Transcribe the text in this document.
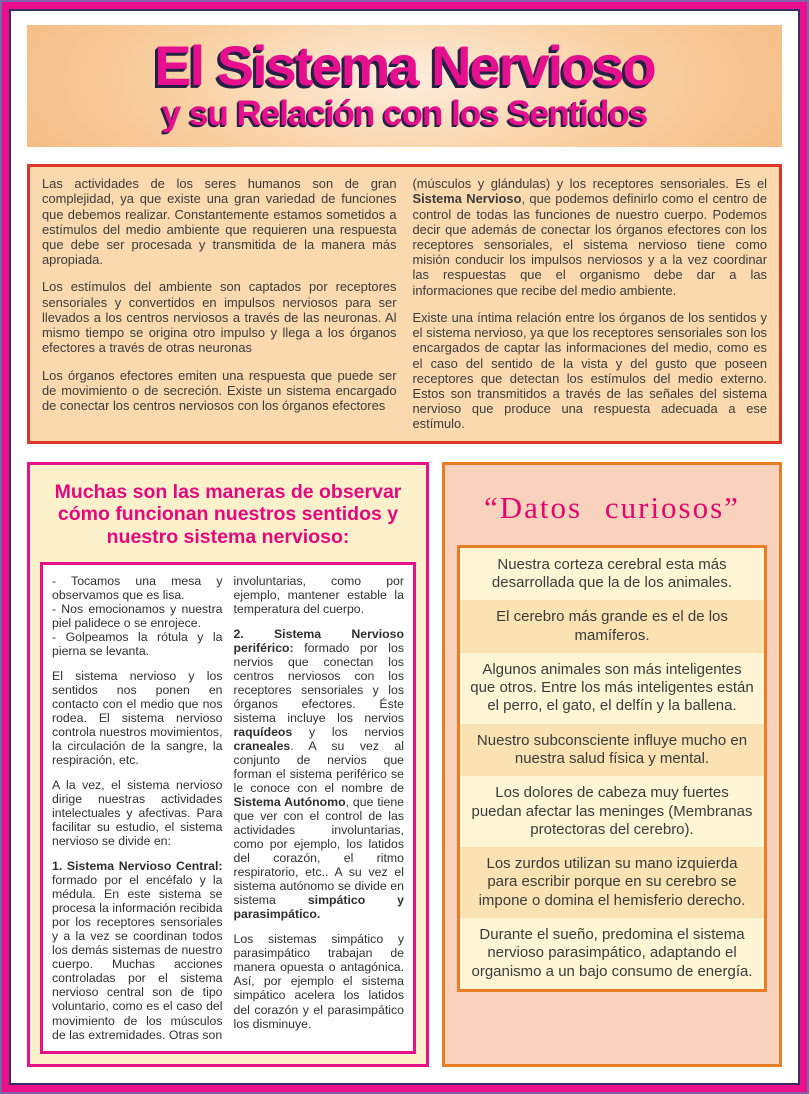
El Sistema Nervioso
y su Relación con los Sentidos

Las actividades de los seres humanos son de gran complejidad, ya que existe una gran variedad de funciones que debemos realizar. Constantemente estamos sometidos a estímulos del medio ambiente que requieren una respuesta que debe ser procesada y transmitida de la manera más apropiada.

Los estímulos del ambiente son captados por receptores sensoriales y convertidos en impulsos nerviosos para ser llevados a los centros nerviosos a través de las neuronas. Al mismo tiempo se origina otro impulso y llega a los órganos efectores a través de otras neuronas

Los órganos efectores emiten una respuesta que puede ser de movimiento o de secreción. Existe un sistema encargado de conectar los centros nerviosos con los órganos efectores

(músculos y glándulas) y los receptores sensoriales. Es el Sistema Nervioso, que podemos definirlo como el centro de control de todas las funciones de nuestro cuerpo. Podemos decir que además de conectar los órganos efectores con los receptores sensoriales, el sistema nervioso tiene como misión conducir los impulsos nerviosos y a la vez coordinar las respuestas que el organismo debe dar a las informaciones que recibe del medio ambiente.

Existe una íntima relación entre los órganos de los sentidos y el sistema nervioso, ya que los receptores sensoriales son los encargados de captar las informaciones del medio, como es el caso del sentido de la vista y del gusto que poseen receptores que detectan los estímulos del medio externo. Estos son transmitidos a través de las señales del sistema nervioso que produce una respuesta adecuada a ese estímulo.

Muchas son las maneras de observar cómo funcionan nuestros sentidos y nuestro sistema nervioso:

- Tocamos una mesa y observamos que es lisa.

- Nos emocionamos y nuestra piel palidece o se enrojece.

- Golpeamos la rótula y la pierna se levanta.

El sistema nervioso y los sentidos nos ponen en contacto con el medio que nos rodea. El sistema nervioso controla nuestros movimientos, la circulación de la sangre, la respiración, etc.

A la vez, el sistema nervioso dirige nuestras actividades intelectuales y afectivas. Para facilitar su estudio, el sistema nervioso se divide en:

1. Sistema Nervioso Central: formado por el encéfalo y la médula. En este sistema se procesa la información recibida por los receptores sensoriales y a la vez se coordinan todos los demás sistemas de nuestro cuerpo. Muchas acciones controladas por el sistema nervioso central son de tipo voluntario, como es el caso del movimiento de los músculos de las extremidades. Otras son

involuntarias, como por ejemplo, mantener estable la temperatura del cuerpo.

2. Sistema Nervioso periférico: formado por los nervios que conectan los centros nerviosos con los receptores sensoriales y los órganos efectores. Éste sistema incluye los nervios raquídeos y los nervios craneales. A su vez al conjunto de nervios que forman el sistema periférico se le conoce con el nombre de Sistema Autónomo, que tiene que ver con el control de las actividades involuntarias, como por ejemplo, los latidos del corazón, el ritmo respiratorio, etc.. A su vez el sistema autónomo se divide en sistema simpático y parasimpático.

Los sistemas simpático y parasimpático trabajan de manera opuesta o antagónica. Así, por ejemplo el sistema simpático acelera los latidos del corazón y el parasimpático los disminuye.

“Datos curiosos”
Nuestra corteza cerebral esta más desarrollada que la de los animales.
El cerebro más grande es el de los mamíferos.
Algunos animales son más inteligentes que otros. Entre los más inteligentes están el perro, el gato, el delfín y la ballena.
Nuestro subconsciente influye mucho en nuestra salud física y mental.
Los dolores de cabeza muy fuertes puedan afectar las meninges (Membranas protectoras del cerebro).
Los zurdos utilizan su mano izquierda para escribir porque en su cerebro se impone o domina el hemisferio derecho.
Durante el sueño, predomina el sistema nervioso parasimpático, adaptando el organismo a un bajo consumo de energía.
